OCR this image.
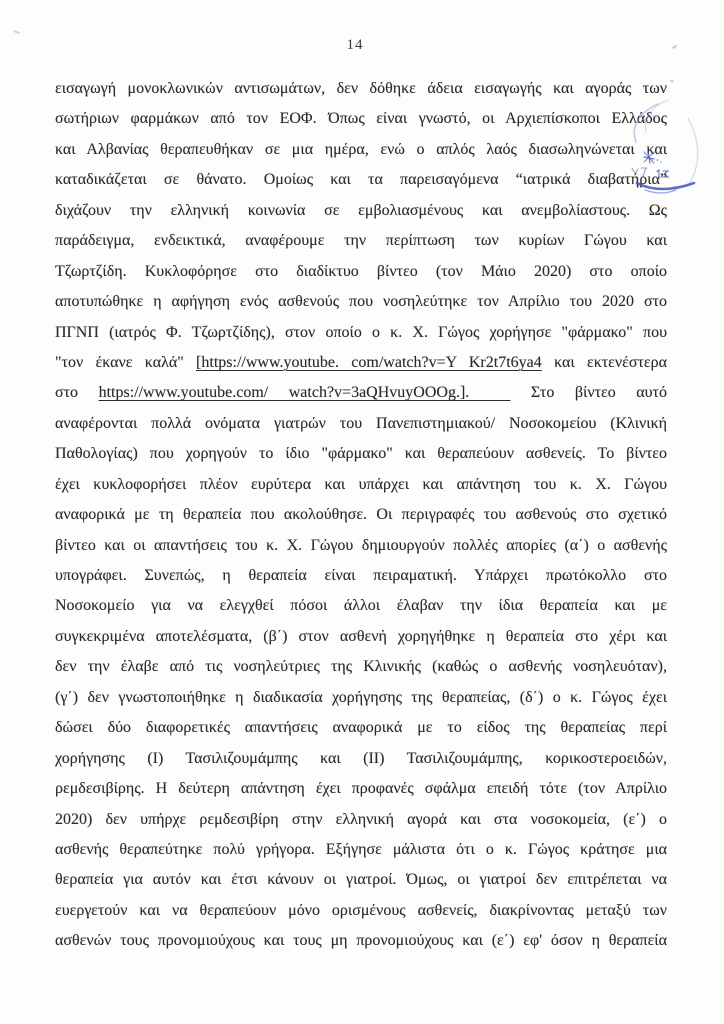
14
εισαγωγή μονοκλωνικών αντισωμάτων, δεν δόθηκε άδεια εισαγωγής και αγοράς των
σωτήριων φαρμάκων από τον ΕΟΦ. Όπως είναι γνωστό, οι Αρχιεπίσκοποι Ελλάδος
και Αλβανίας θεραπευθήκαν σε μια ημέρα, ενώ ο απλός λαός διασωληνώνεται και
καταδικάζεται σε θάνατο. Ομοίως και τα παρεισαγόμενα “ιατρικά διαβατήρια”
διχάζουν την ελληνική κοινωνία σε εμβολιασμένους και ανεμβολίαστους. Ως
παράδειγμα, ενδεικτικά, αναφέρουμε την περίπτωση των κυρίων Γώγου και
Τζωρτζίδη. Κυκλοφόρησε στο διαδίκτυο βίντεο (τον Μάιο 2020) στο οποίο
αποτυπώθηκε η αφήγηση ενός ασθενούς που νοσηλεύτηκε τον Απρίλιο του 2020 στο
ΠΓΝΠ (ιατρός Φ. Τζωρτζίδης), στον οποίο ο κ. Χ. Γώγος χορήγησε "φάρμακο" που
"τον έκανε καλά" [https://www.youtube. com/watch?v=Y Kr2t7t6ya4 και εκτενέστερα
στο https://www.youtube.com/ watch?v=3aQHvuyOOOg.].   Στο βίντεο αυτό
αναφέρονται πολλά ονόματα γιατρών του Πανεπιστημιακού/ Νοσοκομείου (Κλινική
Παθολογίας) που χορηγούν το ίδιο "φάρμακο" και θεραπεύουν ασθενείς. Το βίντεο
έχει κυκλοφορήσει πλέον ευρύτερα και υπάρχει και απάντηση του κ. Χ. Γώγου
αναφορικά με τη θεραπεία που ακολούθησε. Οι περιγραφές του ασθενούς στο σχετικό
βίντεο και οι απαντήσεις του κ. Χ. Γώγου δημιουργούν πολλές απορίες (α΄) ο ασθενής
υπογράφει. Συνεπώς, η θεραπεία είναι πειραματική. Υπάρχει πρωτόκολλο στο
Νοσοκομείο για να ελεγχθεί πόσοι άλλοι έλαβαν την ίδια θεραπεία και με
συγκεκριμένα αποτελέσματα, (β΄) στον ασθενή χορηγήθηκε η θεραπεία στο χέρι και
δεν την έλαβε από τις νοσηλεύτριες της Κλινικής (καθώς ο ασθενής νοσηλευόταν),
(γ΄) δεν γνωστοποιήθηκε η διαδικασία χορήγησης της θεραπείας, (δ΄) ο κ. Γώγος έχει
δώσει δύο διαφορετικές απαντήσεις αναφορικά με το είδος της θεραπείας περί
χορήγησης (Ι) Τασιλιζουμάμπης και (ΙΙ) Τασιλιζουμάμπης, κορικοστεροειδών,
ρεμδεσιβίρης. Η δεύτερη απάντηση έχει προφανές σφάλμα επειδή τότε (τον Απρίλιο
2020) δεν υπήρχε ρεμδεσιβίρη στην ελληνική αγορά και στα νοσοκομεία, (ε΄) ο
ασθενής θεραπεύτηκε πολύ γρήγορα. Εξήγησε μάλιστα ότι ο κ. Γώγος κράτησε μια
θεραπεία για αυτόν και έτσι κάνουν οι γιατροί. Όμως, οι γιατροί δεν επιτρέπεται να
ευεργετούν και να θεραπεύουν μόνο ορισμένους ασθενείς, διακρίνοντας μεταξύ των
ασθενών τους προνομιούχους και τους μη προνομιούχους και (ε΄) εφ' όσον η θεραπεία
